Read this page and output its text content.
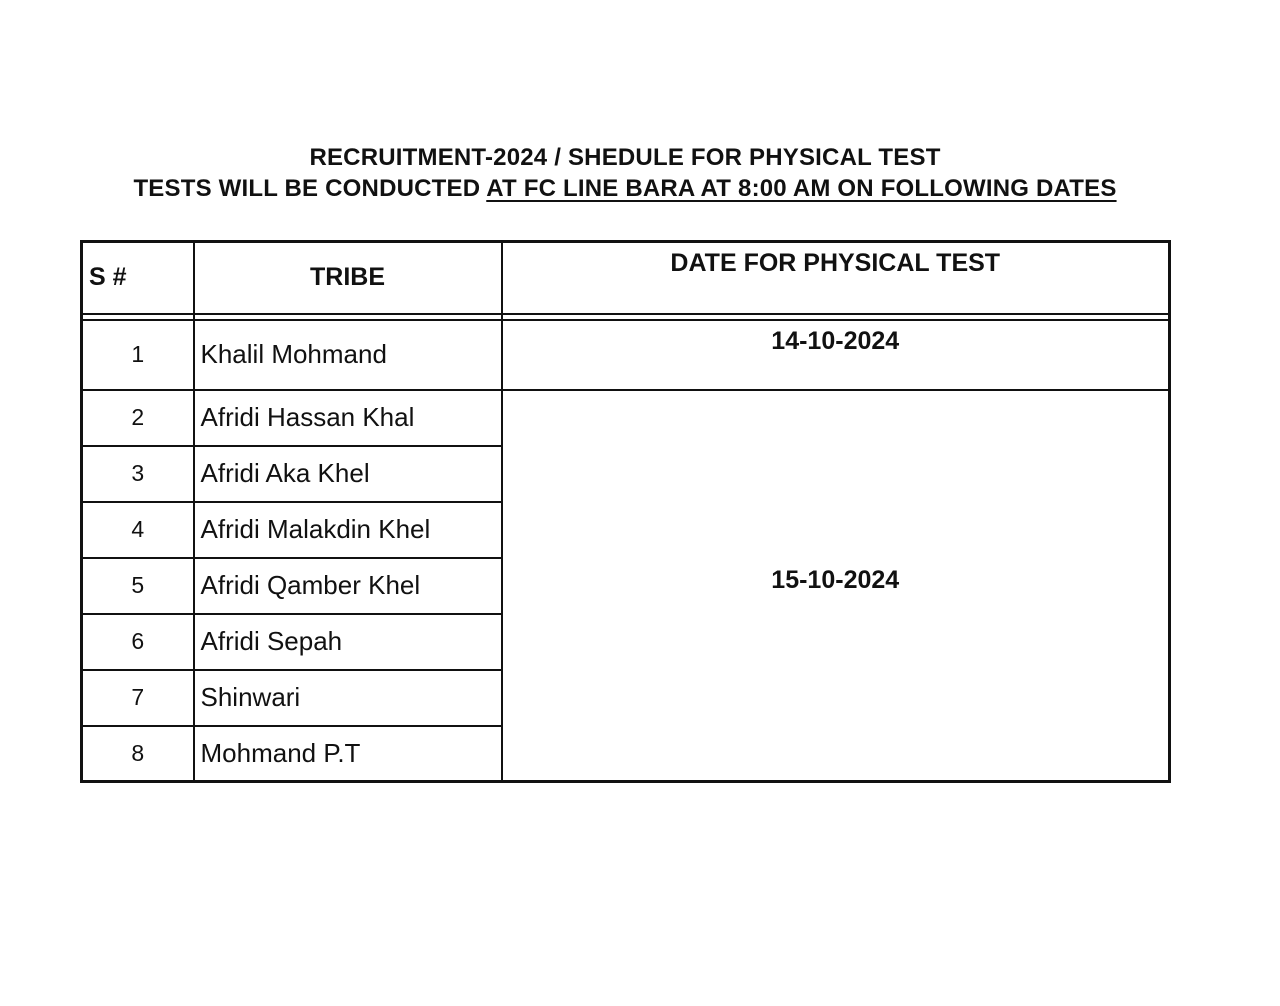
RECRUITMENT-2024 / SHEDULE FOR PHYSICAL TEST
TESTS WILL BE CONDUCTED AT FC LINE BARA AT 8:00 AM ON FOLLOWING DATES
S #	TRIBE	DATE FOR PHYSICAL TEST

1	Khalil Mohmand	14-10-2024
2	Afridi Hassan Khal	15-10-2024
3	Afridi Aka Khel	
4	Afridi Malakdin Khel	
5	Afridi Qamber Khel	
6	Afridi Sepah	
7	Shinwari	
8	Mohmand P.T	
